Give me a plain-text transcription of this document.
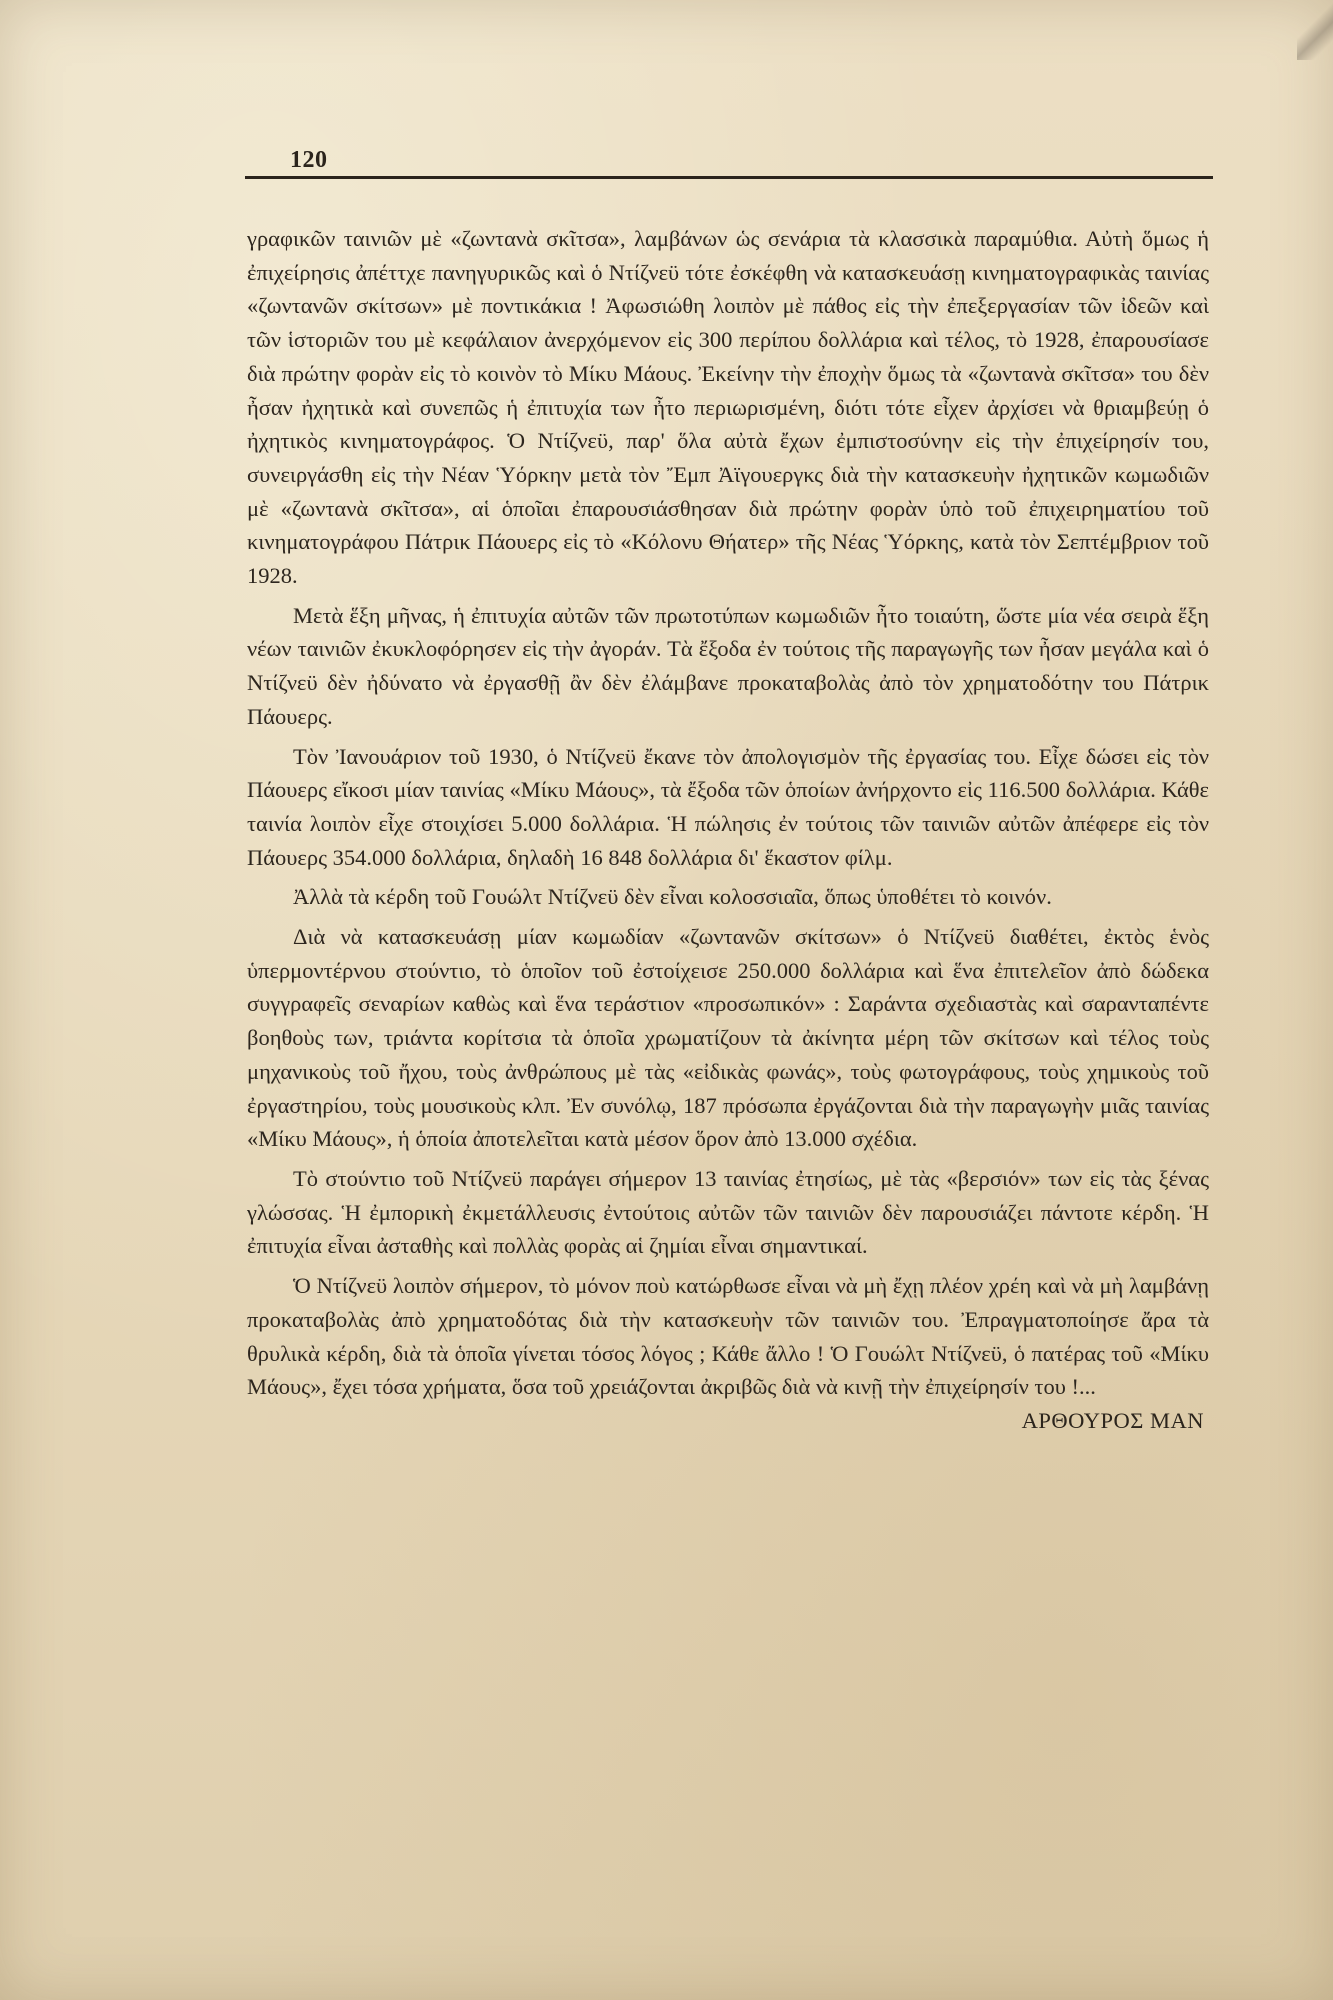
120

γραφικῶν ταινιῶν μὲ «ζωντανὰ σκῖτσα», λαμβάνων ὡς σενάρια τὰ κλασσικὰ παραμύθια. Αὐτὴ ὅμως ἡ ἐπιχείρησις ἀπέττχε πανηγυρικῶς καὶ ὁ Ντίζνεϋ τότε ἐσκέφθη νὰ κατασκευάσῃ κινηματογραφικὰς ταινίας «ζωντανῶν σκίτσων» μὲ ποντικάκια ! Ἀφωσιώθη λοιπὸν μὲ πάθος εἰς τὴν ἐπεξεργασίαν τῶν ἰδεῶν καὶ τῶν ἱστοριῶν του μὲ κεφάλαιον ἀνερχόμενον εἰς 300 περίπου δολλάρια καὶ τέλος, τὸ 1928, ἐπαρουσίασε διὰ πρώτην φορὰν εἰς τὸ κοινὸν τὸ Μίκυ Μάους. Ἐκείνην τὴν ἐποχὴν ὅμως τὰ «ζωντανὰ σκῖτσα» του δὲν ἦσαν ἠχητικὰ καὶ συνεπῶς ἡ ἐπιτυχία των ἦτο περιωρισμένη, διότι τότε εἶχεν ἀρχίσει νὰ θριαμβεύῃ ὁ ἠχητικὸς κινηματογράφος. Ὁ Ντίζνεϋ, παρ' ὅλα αὐτὰ ἔχων ἐμπιστοσύνην εἰς τὴν ἐπιχείρησίν του, συνειργάσθη εἰς τὴν Νέαν Ὑόρκην μετὰ τὸν Ἔμπ Ἀϊγουεργκς διὰ τὴν κατασκευὴν ἠχητικῶν κωμωδιῶν μὲ «ζωντανὰ σκῖτσα», αἱ ὁποῖαι ἐπαρουσιάσθησαν διὰ πρώτην φορὰν ὑπὸ τοῦ ἐπιχειρηματίου τοῦ κινηματογράφου Πάτρικ Πάουερς εἰς τὸ «Κόλονυ Θήατερ» τῆς Νέας Ὑόρκης, κατὰ τὸν Σεπτέμβριον τοῦ 1928.

Μετὰ ἕξη μῆνας, ἡ ἐπιτυχία αὐτῶν τῶν πρωτοτύπων κωμωδιῶν ἦτο τοιαύτη, ὥστε μία νέα σειρὰ ἕξη νέων ταινιῶν ἐκυκλοφόρησεν εἰς τὴν ἀγοράν. Τὰ ἔξοδα ἐν τούτοις τῆς παραγωγῆς των ἦσαν μεγάλα καὶ ὁ Ντίζνεϋ δὲν ἠδύνατο νὰ ἐργασθῇ ἂν δὲν ἐλάμβανε προκαταβολὰς ἀπὸ τὸν χρηματοδότην του Πάτρικ Πάουερς.

Τὸν Ἰανουάριον τοῦ 1930, ὁ Ντίζνεϋ ἔκανε τὸν ἀπολογισμὸν τῆς ἐργασίας του. Εἶχε δώσει εἰς τὸν Πάουερς εἴκοσι μίαν ταινίας «Μίκυ Μάους», τὰ ἔξοδα τῶν ὁποίων ἀνήρχοντο εἰς 116.500 δολλάρια. Κάθε ταινία λοιπὸν εἶχε στοιχίσει 5.000 δολλάρια. Ἡ πώλησις ἐν τούτοις τῶν ταινιῶν αὐτῶν ἀπέφερε εἰς τὸν Πάουερς 354.000 δολλάρια, δηλαδὴ 16 848 δολλάρια δι' ἕκαστον φίλμ.

Ἀλλὰ τὰ κέρδη τοῦ Γουώλτ Ντίζνεϋ δὲν εἶναι κολοσσιαῖα, ὅπως ὑποθέτει τὸ κοινόν.

Διὰ νὰ κατασκευάσῃ μίαν κωμωδίαν «ζωντανῶν σκίτσων» ὁ Ντίζνεϋ διαθέτει, ἐκτὸς ἑνὸς ὑπερμοντέρνου στούντιο, τὸ ὁποῖον τοῦ ἐστοίχεισε 250.000 δολλάρια καὶ ἕνα ἐπιτελεῖον ἀπὸ δώδεκα συγγραφεῖς σεναρίων καθὼς καὶ ἕνα τεράστιον «προσωπικόν» : Σαράντα σχεδιαστὰς καὶ σαρανταπέντε βοηθοὺς των, τριάντα κορίτσια τὰ ὁποῖα χρωματίζουν τὰ ἀκίνητα μέρη τῶν σκίτσων καὶ τέλος τοὺς μηχανικοὺς τοῦ ἤχου, τοὺς ἀνθρώπους μὲ τὰς «εἰδικὰς φωνάς», τοὺς φωτογράφους, τοὺς χημικοὺς τοῦ ἐργαστηρίου, τοὺς μουσικοὺς κλπ. Ἐν συνόλῳ, 187 πρόσωπα ἐργάζονται διὰ τὴν παραγωγὴν μιᾶς ταινίας «Μίκυ Μάους», ἡ ὁποία ἀποτελεῖται κατὰ μέσον ὅρον ἀπὸ 13.000 σχέδια.

Τὸ στούντιο τοῦ Ντίζνεϋ παράγει σήμερον 13 ταινίας ἐτησίως, μὲ τὰς «βερσιόν» των εἰς τὰς ξένας γλώσσας. Ἡ ἐμπορικὴ ἐκμετάλλευσις ἐντούτοις αὐτῶν τῶν ταινιῶν δὲν παρουσιάζει πάντοτε κέρδη. Ἡ ἐπιτυχία εἶναι ἀσταθὴς καὶ πολλὰς φορὰς αἱ ζημίαι εἶναι σημαντικαί.

Ὁ Ντίζνεϋ λοιπὸν σήμερον, τὸ μόνον ποὺ κατώρθωσε εἶναι νὰ μὴ ἔχῃ πλέον χρέη καὶ νὰ μὴ λαμβάνῃ προκαταβολὰς ἀπὸ χρηματοδότας διὰ τὴν κατασκευὴν τῶν ταινιῶν του. Ἐπραγματοποίησε ἄρα τὰ θρυλικὰ κέρδη, διὰ τὰ ὁποῖα γίνεται τόσος λόγος ; Κάθε ἄλλο ! Ὁ Γουώλτ Ντίζνεϋ, ὁ πατέρας τοῦ «Μίκυ Μάους», ἔχει τόσα χρήματα, ὅσα τοῦ χρειάζονται ἀκριβῶς διὰ νὰ κινῇ τὴν ἐπιχείρησίν του !...

ΑΡΘΟΥΡΟΣ ΜΑΝ
